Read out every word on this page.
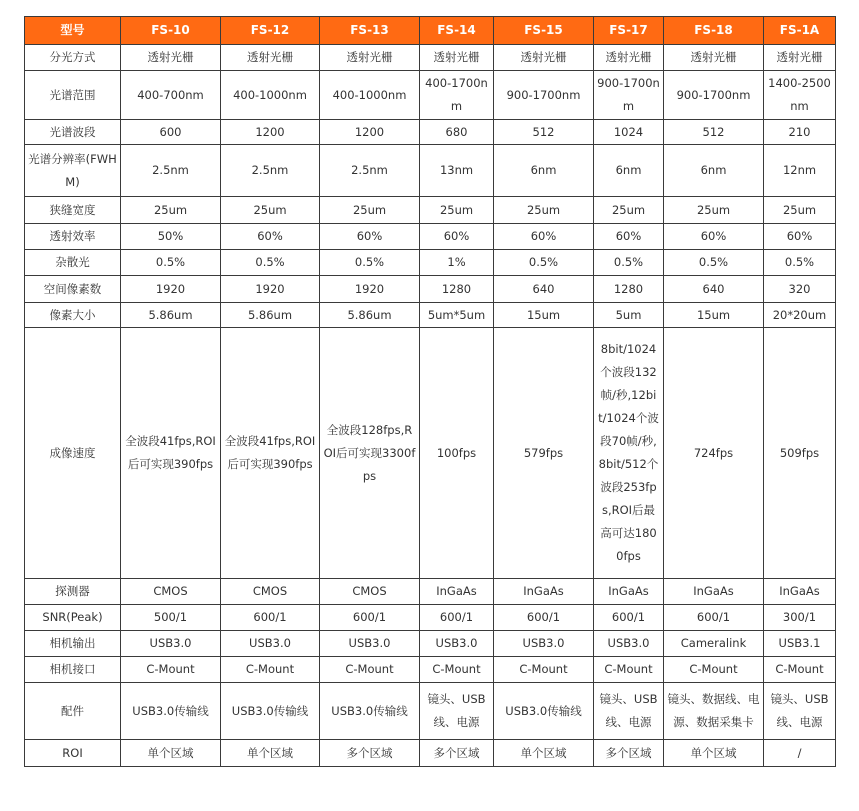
型号	FS-10	FS-12	FS-13	FS-14	FS-15	FS-17	FS-18	FS-1A
分光方式	透射光栅	透射光栅	透射光栅	透射光栅	透射光栅	透射光栅	透射光栅	透射光栅
光谱范围	400-700nm	400-1000nm	400-1000nm	400-1700nm	900-1700nm	900-1700nm	900-1700nm	1400-2500nm
光谱波段	600	1200	1200	680	512	1024	512	210
光谱分辨率(FWHM)	2.5nm	2.5nm	2.5nm	13nm	6nm	6nm	6nm	12nm
狭缝宽度	25um	25um	25um	25um	25um	25um	25um	25um
透射效率	50%	60%	60%	60%	60%	60%	60%	60%
杂散光	0.5%	0.5%	0.5%	1%	0.5%	0.5%	0.5%	0.5%
空间像素数	1920	1920	1920	1280	640	1280	640	320
像素大小	5.86um	5.86um	5.86um	5um*5um	15um	5um	15um	20*20um
成像速度	全波段41fps,ROI后可实现390fps	全波段41fps,ROI后可实现390fps	全波段128fps,ROI后可实现3300fps	100fps	579fps	8bit/1024个波段132帧/秒,12bit/1024个波段70帧/秒,8bit/512个波段253fps,ROI后最高可达1800fps	724fps	509fps
探测器	CMOS	CMOS	CMOS	InGaAs	InGaAs	InGaAs	InGaAs	InGaAs
SNR(Peak)	500/1	600/1	600/1	600/1	600/1	600/1	600/1	300/1
相机输出	USB3.0	USB3.0	USB3.0	USB3.0	USB3.0	USB3.0	Cameralink	USB3.1
相机接口	C-Mount	C-Mount	C-Mount	C-Mount	C-Mount	C-Mount	C-Mount	C-Mount
配件	USB3.0传输线	USB3.0传输线	USB3.0传输线	镜头、USB线、电源	USB3.0传输线	镜头、USB线、电源	镜头、数据线、电源、数据采集卡	镜头、USB线、电源
ROI	单个区域	单个区域	多个区域	多个区域	单个区域	多个区域	单个区域	/
